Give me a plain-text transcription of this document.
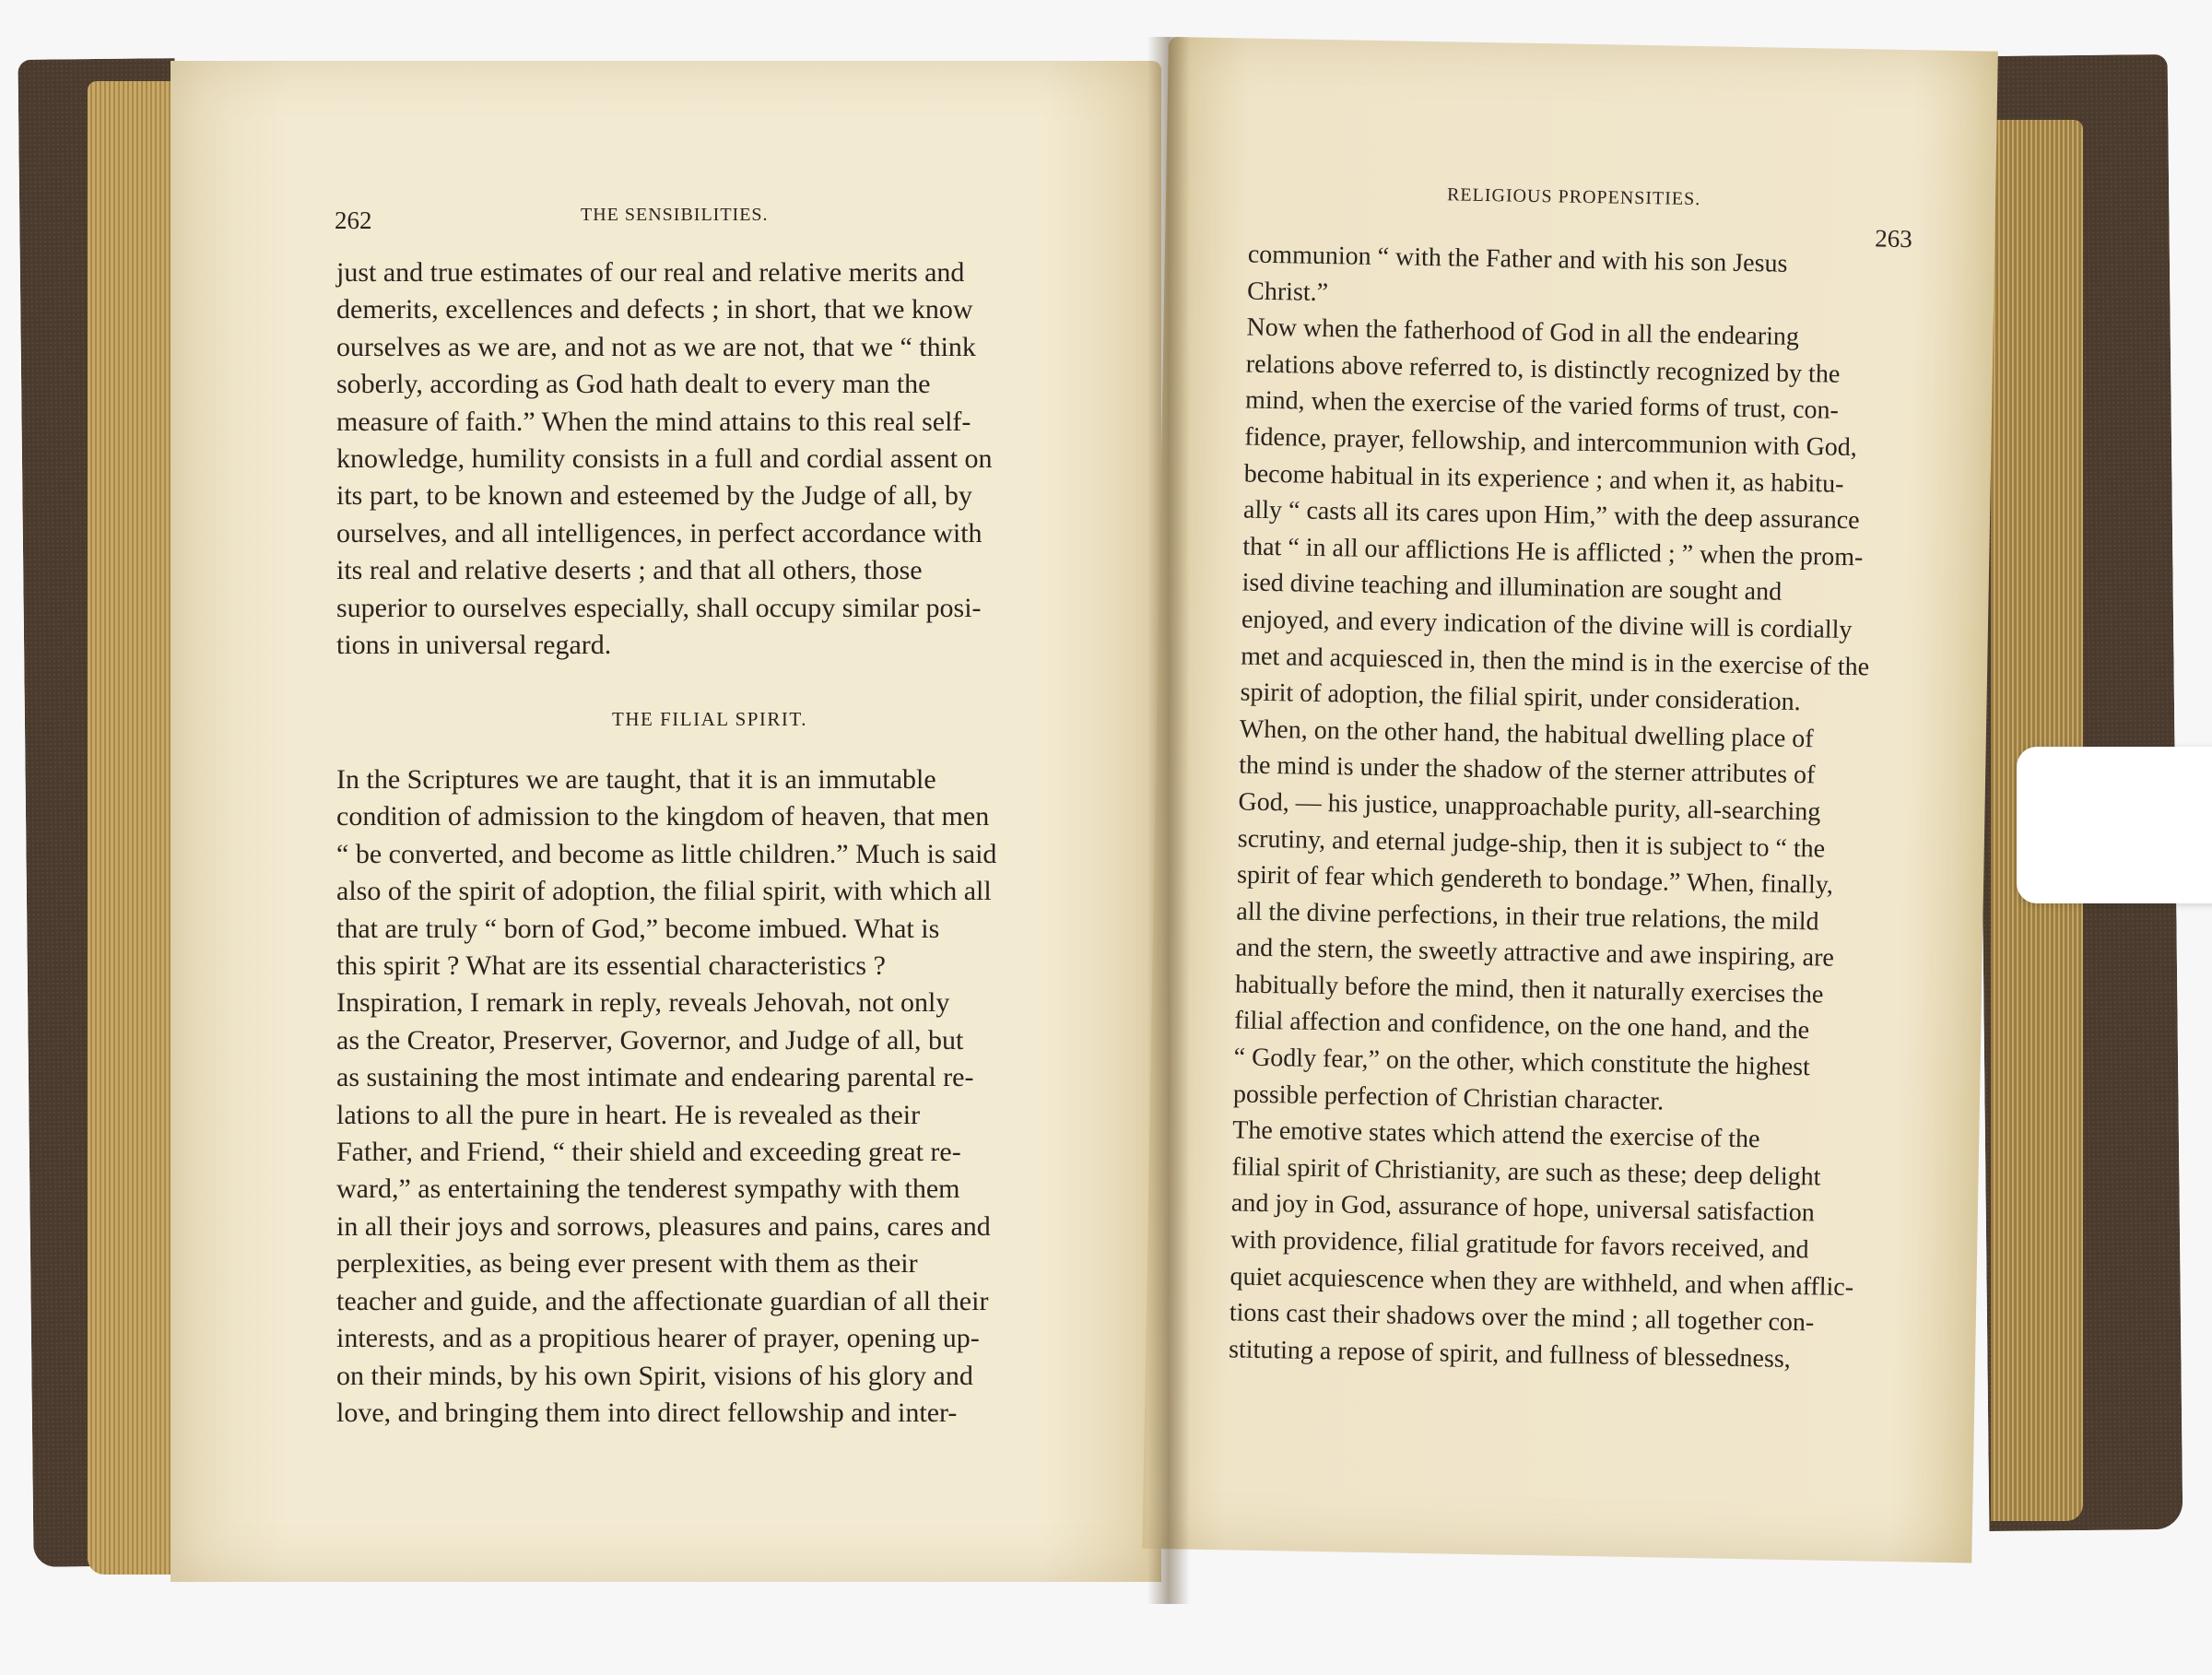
262	THE SENSIBILITIES.
just and true estimates of our real and relative merits and
demerits, excellences and defects ; in short, that we know
ourselves as we are, and not as we are not, that we “ think
soberly, according as God hath dealt to every man the
measure of faith.” When the mind attains to this real self-
knowledge, humility consists in a full and cordial assent on
its part, to be known and esteemed by the Judge of all, by
ourselves, and all intelligences, in perfect accordance with
its real and relative deserts ; and that all others, those
superior to ourselves especially, shall occupy similar posi-
tions in universal regard.
THE FILIAL SPIRIT.
In the Scriptures we are taught, that it is an immutable
condition of admission to the kingdom of heaven, that men
“ be converted, and become as little children.” Much is said
also of the spirit of adoption, the filial spirit, with which all
that are truly “ born of God,” become imbued. What is
this spirit ? What are its essential characteristics ?
Inspiration, I remark in reply, reveals Jehovah, not only
as the Creator, Preserver, Governor, and Judge of all, but
as sustaining the most intimate and endearing parental re-
lations to all the pure in heart. He is revealed as their
Father, and Friend, “ their shield and exceeding great re-
ward,” as entertaining the tenderest sympathy with them
in all their joys and sorrows, pleasures and pains, cares and
perplexities, as being ever present with them as their
teacher and guide, and the affectionate guardian of all their
interests, and as a propitious hearer of prayer, opening up-
on their minds, by his own Spirit, visions of his glory and
love, and bringing them into direct fellowship and inter-
RELIGIOUS PROPENSITIES.
263
communion “ with the Father and with his son Jesus
Christ.”
Now when the fatherhood of God in all the endearing
relations above referred to, is distinctly recognized by the
mind, when the exercise of the varied forms of trust, con-
fidence, prayer, fellowship, and intercommunion with God,
become habitual in its experience ; and when it, as habitu-
ally “ casts all its cares upon Him,” with the deep assurance
that “ in all our afflictions He is afflicted ; ” when the prom-
ised divine teaching and illumination are sought and
enjoyed, and every indication of the divine will is cordially
met and acquiesced in, then the mind is in the exercise of the
spirit of adoption, the filial spirit, under consideration.
When, on the other hand, the habitual dwelling place of
the mind is under the shadow of the sterner attributes of
God, — his justice, unapproachable purity, all-searching
scrutiny, and eternal judge-ship, then it is subject to “ the
spirit of fear which gendereth to bondage.” When, finally,
all the divine perfections, in their true relations, the mild
and the stern, the sweetly attractive and awe inspiring, are
habitually before the mind, then it naturally exercises the
filial affection and confidence, on the one hand, and the
“ Godly fear,” on the other, which constitute the highest
possible perfection of Christian character.
The emotive states which attend the exercise of the
filial spirit of Christianity, are such as these; deep delight
and joy in God, assurance of hope, universal satisfaction
with providence, filial gratitude for favors received, and
quiet acquiescence when they are withheld, and when afflic-
tions cast their shadows over the mind ; all together con-
stituting a repose of spirit, and fullness of blessedness,
